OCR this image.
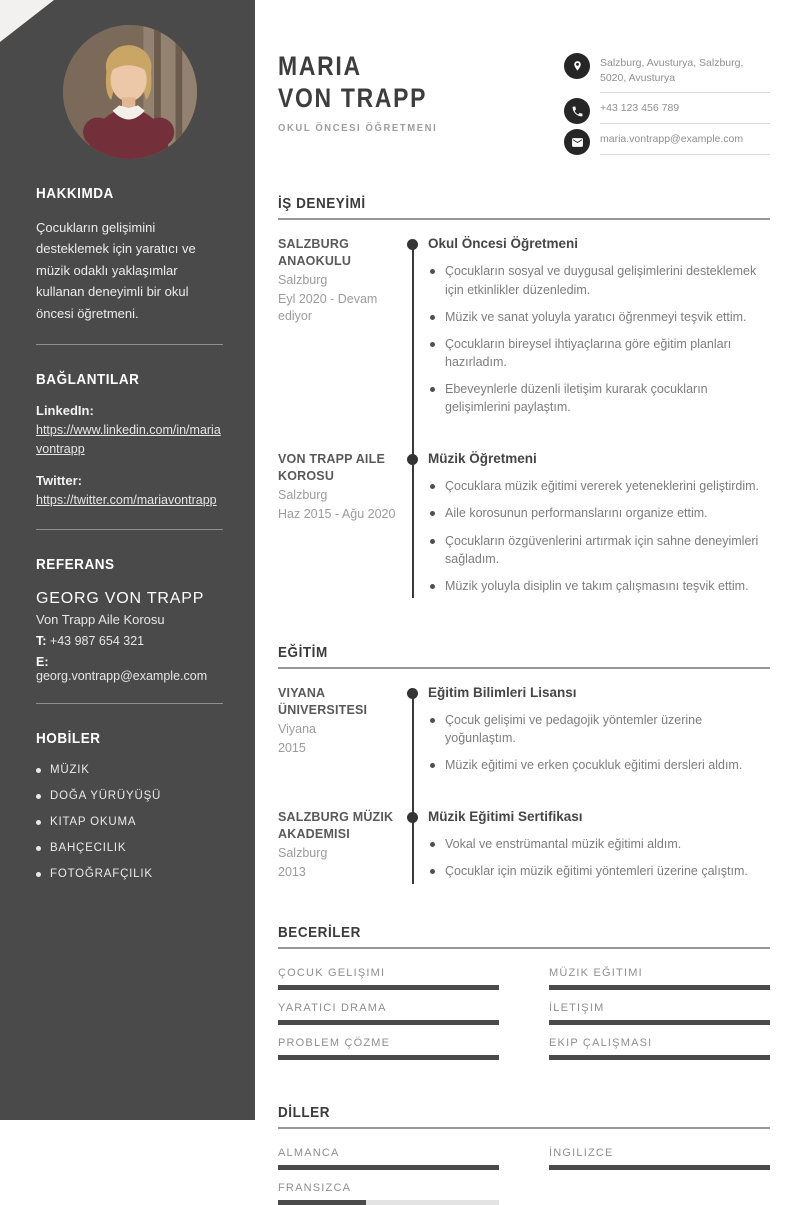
HAKKIMDA

Çocukların gelişimini desteklemek için yaratıcı ve müzik odaklı yaklaşımlar kullanan deneyimli bir okul öncesi öğretmeni.

BAĞLANTILAR
LinkedIn:
https://www.linkedin.com/in/mariavontrapp
Twitter:
https://twitter.com/mariavontrapp
REFERANS
GEORG VON TRAPP
Von Trapp Aile Korosu
T: +43 987 654 321
E: georg.vontrapp@example.com
HOBİLER
MÜZIK
DOĞA YÜRÜYÜŞÜ
KITAP OKUMA
BAHÇECILIK
FOTOĞRAFÇILIK
MARIA
VON TRAPP
OKUL ÖNCESI ÖĞRETMENI
Salzburg, Avusturya, Salzburg, 5020, Avusturya
+43 123 456 789
maria.vontrapp@example.com
İŞ DENEYİMİ
SALZBURG ANAOKULU
Salzburg
Eyl 2020 - Devam ediyor
Okul Öncesi Öğretmeni
Çocukların sosyal ve duygusal gelişimlerini desteklemek için etkinlikler düzenledim.
Müzik ve sanat yoluyla yaratıcı öğrenmeyi teşvik ettim.
Çocukların bireysel ihtiyaçlarına göre eğitim planları hazırladım.
Ebeveynlerle düzenli iletişim kurarak çocukların gelişimlerini paylaştım.
VON TRAPP AILE KOROSU
Salzburg
Haz 2015 - Ağu 2020
Müzik Öğretmeni
Çocuklara müzik eğitimi vererek yeteneklerini geliştirdim.
Aile korosunun performanslarını organize ettim.
Çocukların özgüvenlerini artırmak için sahne deneyimleri sağladım.
Müzik yoluyla disiplin ve takım çalışmasını teşvik ettim.
EĞİTİM
VIYANA ÜNIVERSITESI
Viyana
2015
Eğitim Bilimleri Lisansı
Çocuk gelişimi ve pedagojik yöntemler üzerine yoğunlaştım.
Müzik eğitimi ve erken çocukluk eğitimi dersleri aldım.
SALZBURG MÜZIK AKADEMISI
Salzburg
2013
Müzik Eğitimi Sertifikası
Vokal ve enstrümantal müzik eğitimi aldım.
Çocuklar için müzik eğitimi yöntemleri üzerine çalıştım.
BECERİLER
ÇOCUK GELIŞIMI	MÜZIK EĞITIMI
YARATICI DRAMA	İLETIŞIM
PROBLEM ÇÖZME	EKIP ÇALIŞMASI
DİLLER
ALMANCA	İNGILIZCE
FRANSIZCA
